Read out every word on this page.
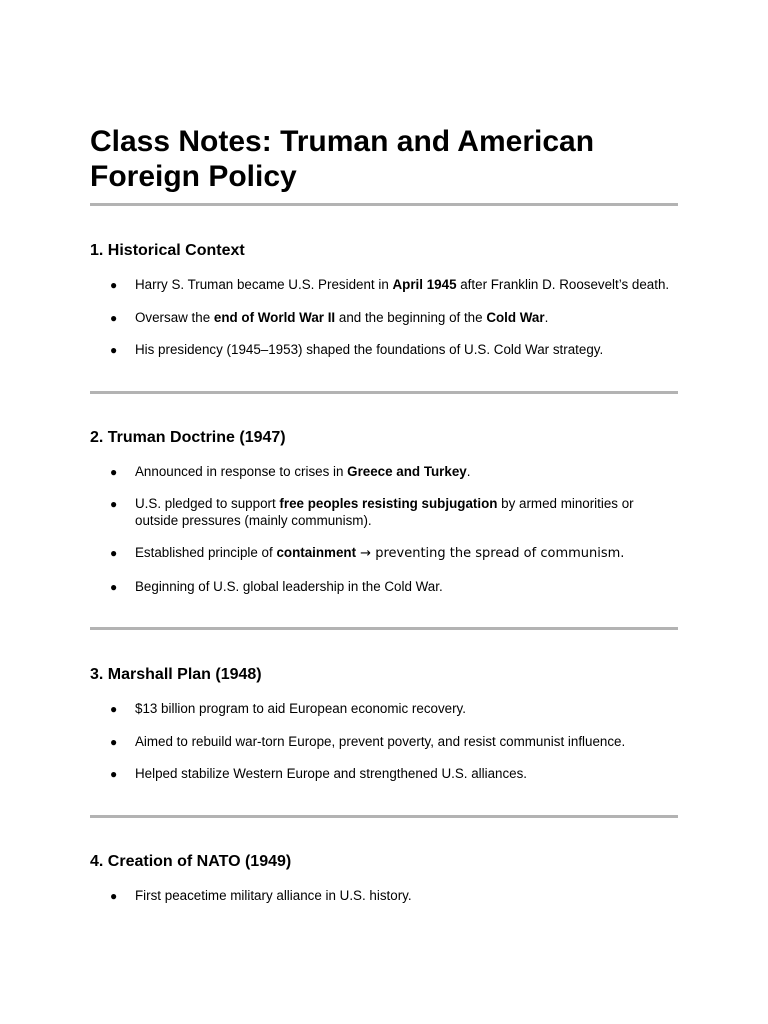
Class Notes: Truman and American Foreign Policy
1. Historical Context
● Harry S. Truman became U.S. President in April 1945 after Franklin D. Roosevelt’s death.
● Oversaw the end of World War II and the beginning of the Cold War.
● His presidency (1945–1953) shaped the foundations of U.S. Cold War strategy.
2. Truman Doctrine (1947)
● Announced in response to crises in Greece and Turkey.
● U.S. pledged to support free peoples resisting subjugation by armed minorities or outside pressures (mainly communism).
● Established principle of containment → preventing the spread of communism.
● Beginning of U.S. global leadership in the Cold War.
3. Marshall Plan (1948)
● $13 billion program to aid European economic recovery.
● Aimed to rebuild war-torn Europe, prevent poverty, and resist communist influence.
● Helped stabilize Western Europe and strengthened U.S. alliances.
4. Creation of NATO (1949)
● First peacetime military alliance in U.S. history.
